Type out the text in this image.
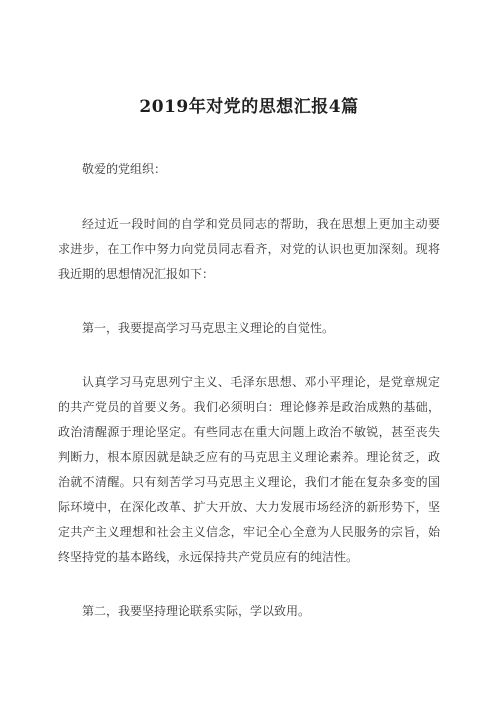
2019年对党的思想汇报4篇

敬爱的党组织：

经过近一段时间的自学和党员同志的帮助，我在思想上更加主动要求进步，在工作中努力向党员同志看齐，对党的认识也更加深刻。现将我近期的思想情况汇报如下：

第一，我要提高学习马克思主义理论的自觉性。

认真学习马克思列宁主义、毛泽东思想、邓小平理论，是党章规定的共产党员的首要义务。我们必须明白：理论修养是政治成熟的基础，政治清醒源于理论坚定。有些同志在重大问题上政治不敏锐，甚至丧失判断力，根本原因就是缺乏应有的马克思主义理论素养。理论贫乏，政治就不清醒。只有刻苦学习马克思主义理论，我们才能在复杂多变的国际环境中，在深化改革、扩大开放、大力发展市场经济的新形势下，坚定共产主义理想和社会主义信念，牢记全心全意为人民服务的宗旨，始终坚持党的基本路线，永远保持共产党员应有的纯洁性。

第二，我要坚持理论联系实际，学以致用。
